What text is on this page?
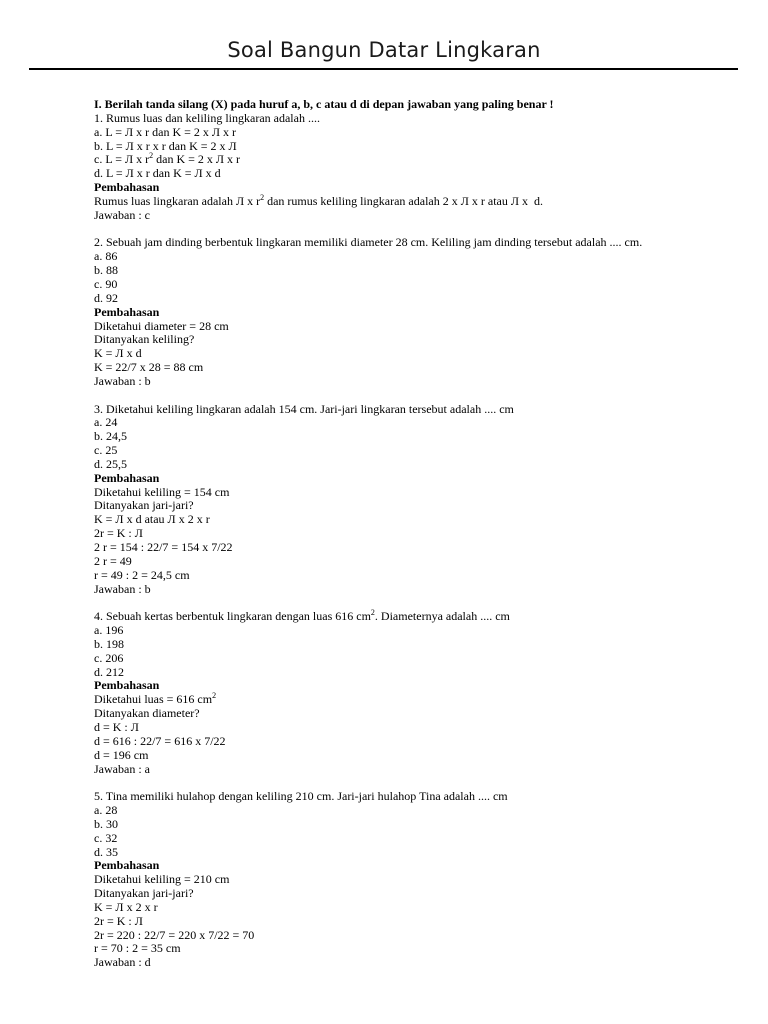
Soal Bangun Datar Lingkaran
I. Berilah tanda silang (X) pada huruf a, b, c atau d di depan jawaban yang paling benar !
1. Rumus luas dan keliling lingkaran adalah ....
a. L = Л x r dan K = 2 x Л x r
b. L = Л x r x r dan K = 2 x Л
c. L = Л x $r^2$ dan K = 2 x Л x r
d. L = Л x r dan K = Л x d
Pembahasan
Rumus luas lingkaran adalah Л x $r^2$ dan rumus keliling lingkaran adalah 2 x Л x r atau Л x  d.
Jawaban : c
2. Sebuah jam dinding berbentuk lingkaran memiliki diameter 28 cm. Keliling jam dinding tersebut adalah .... cm.
a. 86
b. 88
c. 90
d. 92
Pembahasan
Diketahui diameter = 28 cm
Ditanyakan keliling?
K = Л x d
K = 22/7 x 28 = 88 cm
Jawaban : b
3. Diketahui keliling lingkaran adalah 154 cm. Jari-jari lingkaran tersebut adalah .... cm
a. 24
b. 24,5
c. 25
d. 25,5
Pembahasan
Diketahui keliling = 154 cm
Ditanyakan jari-jari?
K = Л x d atau Л x 2 x r
2r = K : Л
2 r = 154 : 22/7 = 154 x 7/22
2 r = 49
r = 49 : 2 = 24,5 cm
Jawaban : b
4. Sebuah kertas berbentuk lingkaran dengan luas 616 $cm^2$. Diameternya adalah .... cm
a. 196
b. 198
c. 206
d. 212
Pembahasan
Diketahui luas = 616 $cm^2$
Ditanyakan diameter?
d = K : Л
d = 616 : 22/7 = 616 x 7/22
d = 196 cm
Jawaban : a
5. Tina memiliki hulahop dengan keliling 210 cm. Jari-jari hulahop Tina adalah .... cm
a. 28
b. 30
c. 32
d. 35
Pembahasan
Diketahui keliling = 210 cm
Ditanyakan jari-jari?
K = Л x 2 x r
2r = K : Л
2r = 220 : 22/7 = 220 x 7/22 = 70
r = 70 : 2 = 35 cm
Jawaban : d
